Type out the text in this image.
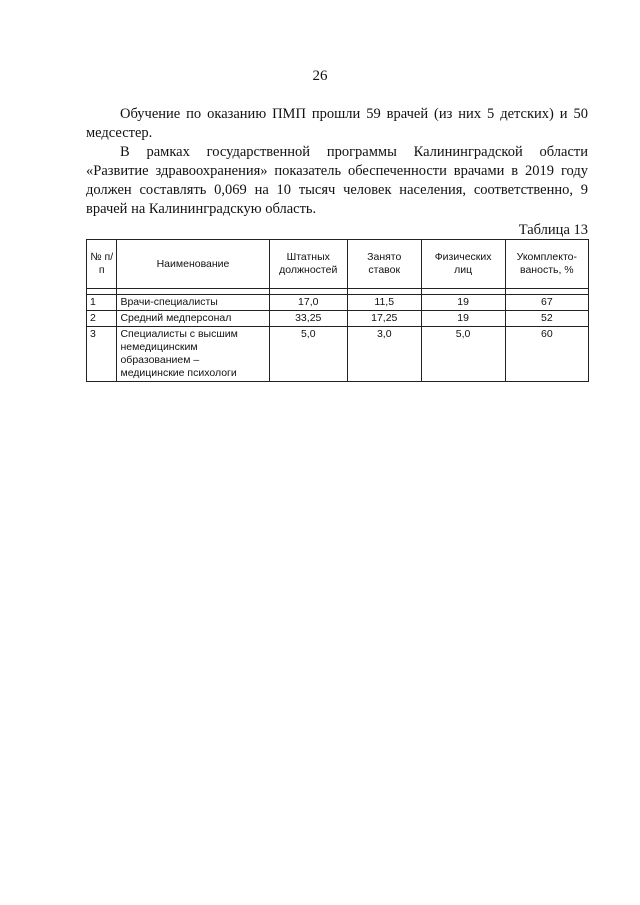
26

Обучение по оказанию ПМП прошли 59 врачей (из них 5 детских) и 50 медсестер.

В рамках государственной программы Калининградской области «Развитие здравоохранения» показатель обеспеченности врачами в 2019 году должен составлять 0,069 на 10 тысяч человек населения, соответственно, 9 врачей на Калининградскую область.

Таблица 13
№ п/п	Наименование	Штатных должностей	Занято ставок	Физических лиц	Укомплекто-ваность, %

1	Врачи-специалисты	17,0	11,5	19	67
2	Средний медперсонал	33,25	17,25	19	52
3	Специалисты с высшим немедицинским образованием – медицинские психологи	5,0	3,0	5,0	60
